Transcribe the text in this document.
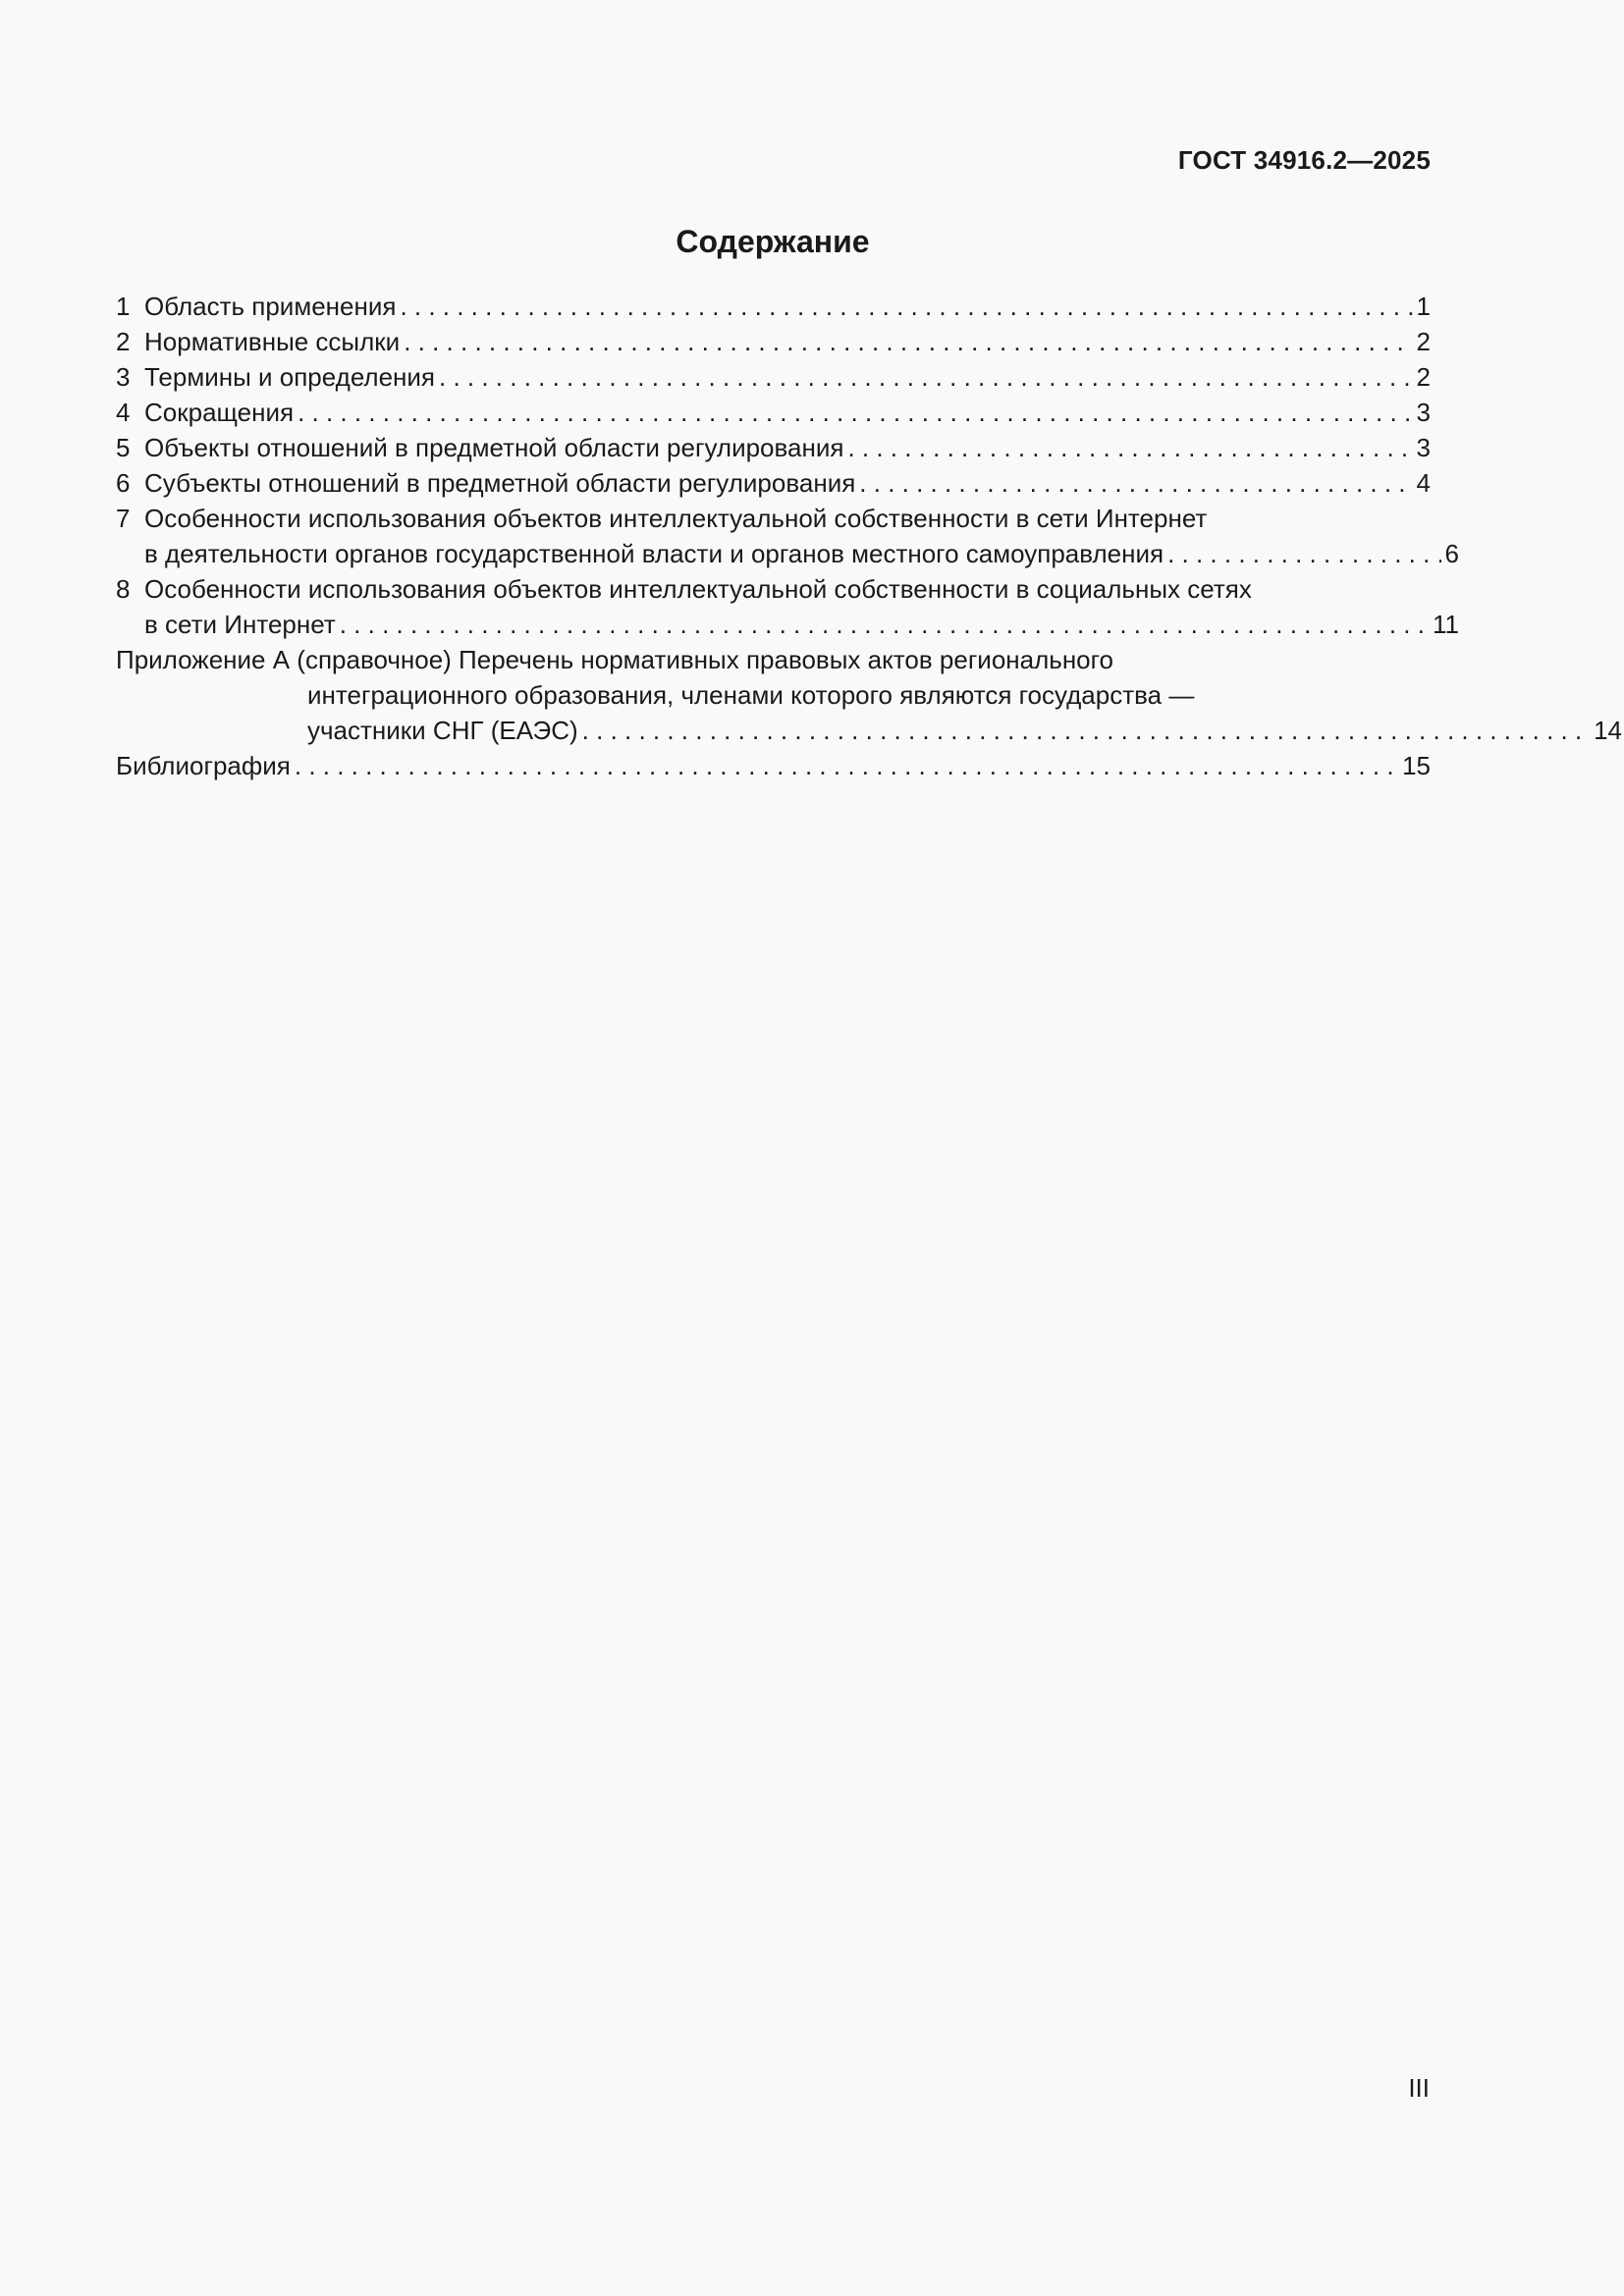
ГОСТ 34916.2—2025
Содержание
1 Область применения . . .	1
2 Нормативные ссылки . . .	2
3 Термины и определения . . .	2
4 Сокращения . . .	3
5 Объекты отношений в предметной области регулирования . . .	3
6 Субъекты отношений в предметной области регулирования . . .	4
7 Особенности использования объектов интеллектуальной собственности в сети Интернет
в деятельности органов государственной власти и органов местного самоуправления . . .	6
8 Особенности использования объектов интеллектуальной собственности в социальных сетях
в сети Интернет . . .	11
Приложение А (справочное) Перечень нормативных правовых актов регионального
интеграционного образования, членами которого являются государства —
участники СНГ (ЕАЭС) . . .	14
Библиография . . .	15
III
